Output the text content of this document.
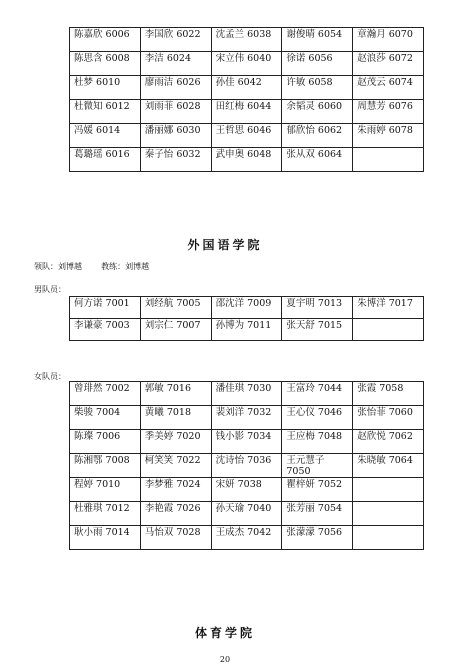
陈嘉欣 6006	李国欣 6022	沈孟兰 6038	谢俊晴 6054	章瀚月 6070
陈思含 6008	李洁 6024	宋立伟 6040	徐诺 6056	赵浪莎 6072
杜梦 6010	廖雨洁 6026	孙佳 6042	许敏 6058	赵茂云 6074
杜微知 6012	刘雨菲 6028	田红梅 6044	余韬灵 6060	周慧芳 6076
冯媛 6014	潘丽娜 6030	王哲思 6046	郁欣怡 6062	朱雨婷 6078
葛璐瑶 6016	秦子怡 6032	武申奥 6048	张从双 6064	
外国语学院
领队：刘博越 教练：刘博越
男队员：
何方诺 7001	刘经航 7005	邵沈洋 7009	夏宇明 7013	朱博洋 7017
李谦豪 7003	刘宗仁 7007	孙博为 7011	张天舒 7015	
女队员：
曾琲然 7002	郭敏 7016	潘佳琪 7030	王富玲 7044	张霞 7058
柴骏 7004	黄曦 7018	裴刘洋 7032	王心仪 7046	张怡菲 7060
陈璨 7006	季美婷 7020	钱小影 7034	王应梅 7048	赵欣悦 7062
陈湘鄂 7008	柯笑笑 7022	沈诗怡 7036	王元慧子 7050	朱晓敏 7064
程婷 7010	李梦雅 7024	宋妍 7038	瞿梓妍 7052	
杜雅琪 7012	李艳霞 7026	孙天瑜 7040	张芳丽 7054	
耿小雨 7014	马怡双 7028	王成杰 7042	张濛濛 7056	
体育学院
20
